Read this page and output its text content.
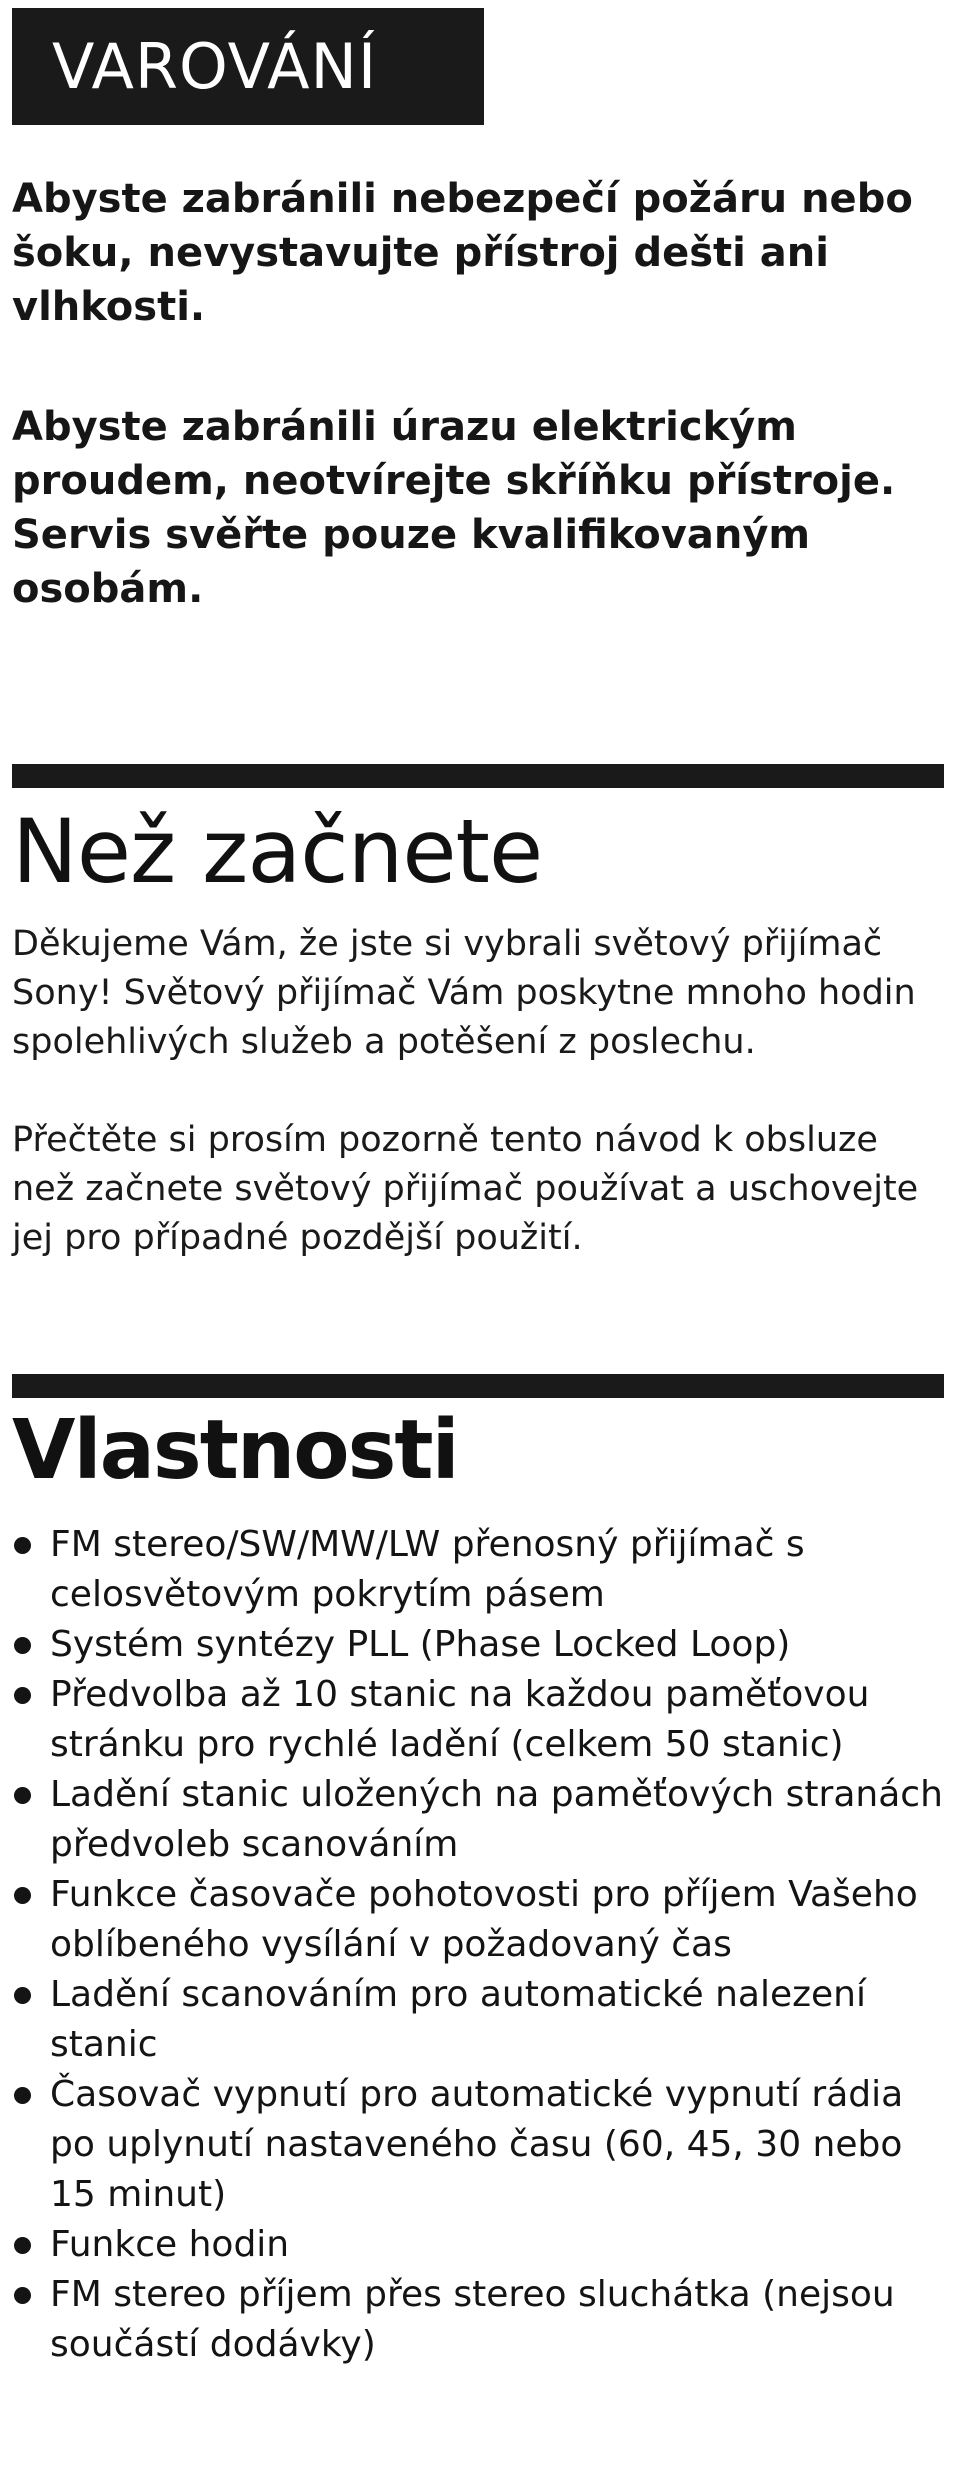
VAROVÁNÍ

Abyste zabránili nebezpečí požáru nebo šoku, nevystavujte přístroj dešti ani vlhkosti.

Abyste zabránili úrazu elektrickým proudem, neotvírejte skříňku přístroje. Servis svěřte pouze kvalifikovaným osobám.

Než začnete

Děkujeme Vám, že jste si vybrali světový přijímač Sony! Světový přijímač Vám poskytne mnoho hodin spolehlivých služeb a potěšení z poslechu.

Přečtěte si prosím pozorně tento návod k obsluze než začnete světový přijímač používat a uschovejte jej pro případné pozdější použití.

Vlastnosti
FM stereo/SW/MW/LW přenosný přijímač s celosvětovým pokrytím pásem
Systém syntézy PLL (Phase Locked Loop)
Předvolba až 10 stanic na každou paměťovou stránku pro rychlé ladění (celkem 50 stanic)
Ladění stanic uložených na paměťových stranách předvoleb scanováním
Funkce časovače pohotovosti pro příjem Vašeho oblíbeného vysílání v požadovaný čas
Ladění scanováním pro automatické nalezení stanic
Časovač vypnutí pro automatické vypnutí rádia po uplynutí nastaveného času (60, 45, 30 nebo 15 minut)
Funkce hodin
FM stereo příjem přes stereo sluchátka (nejsou součástí dodávky)
